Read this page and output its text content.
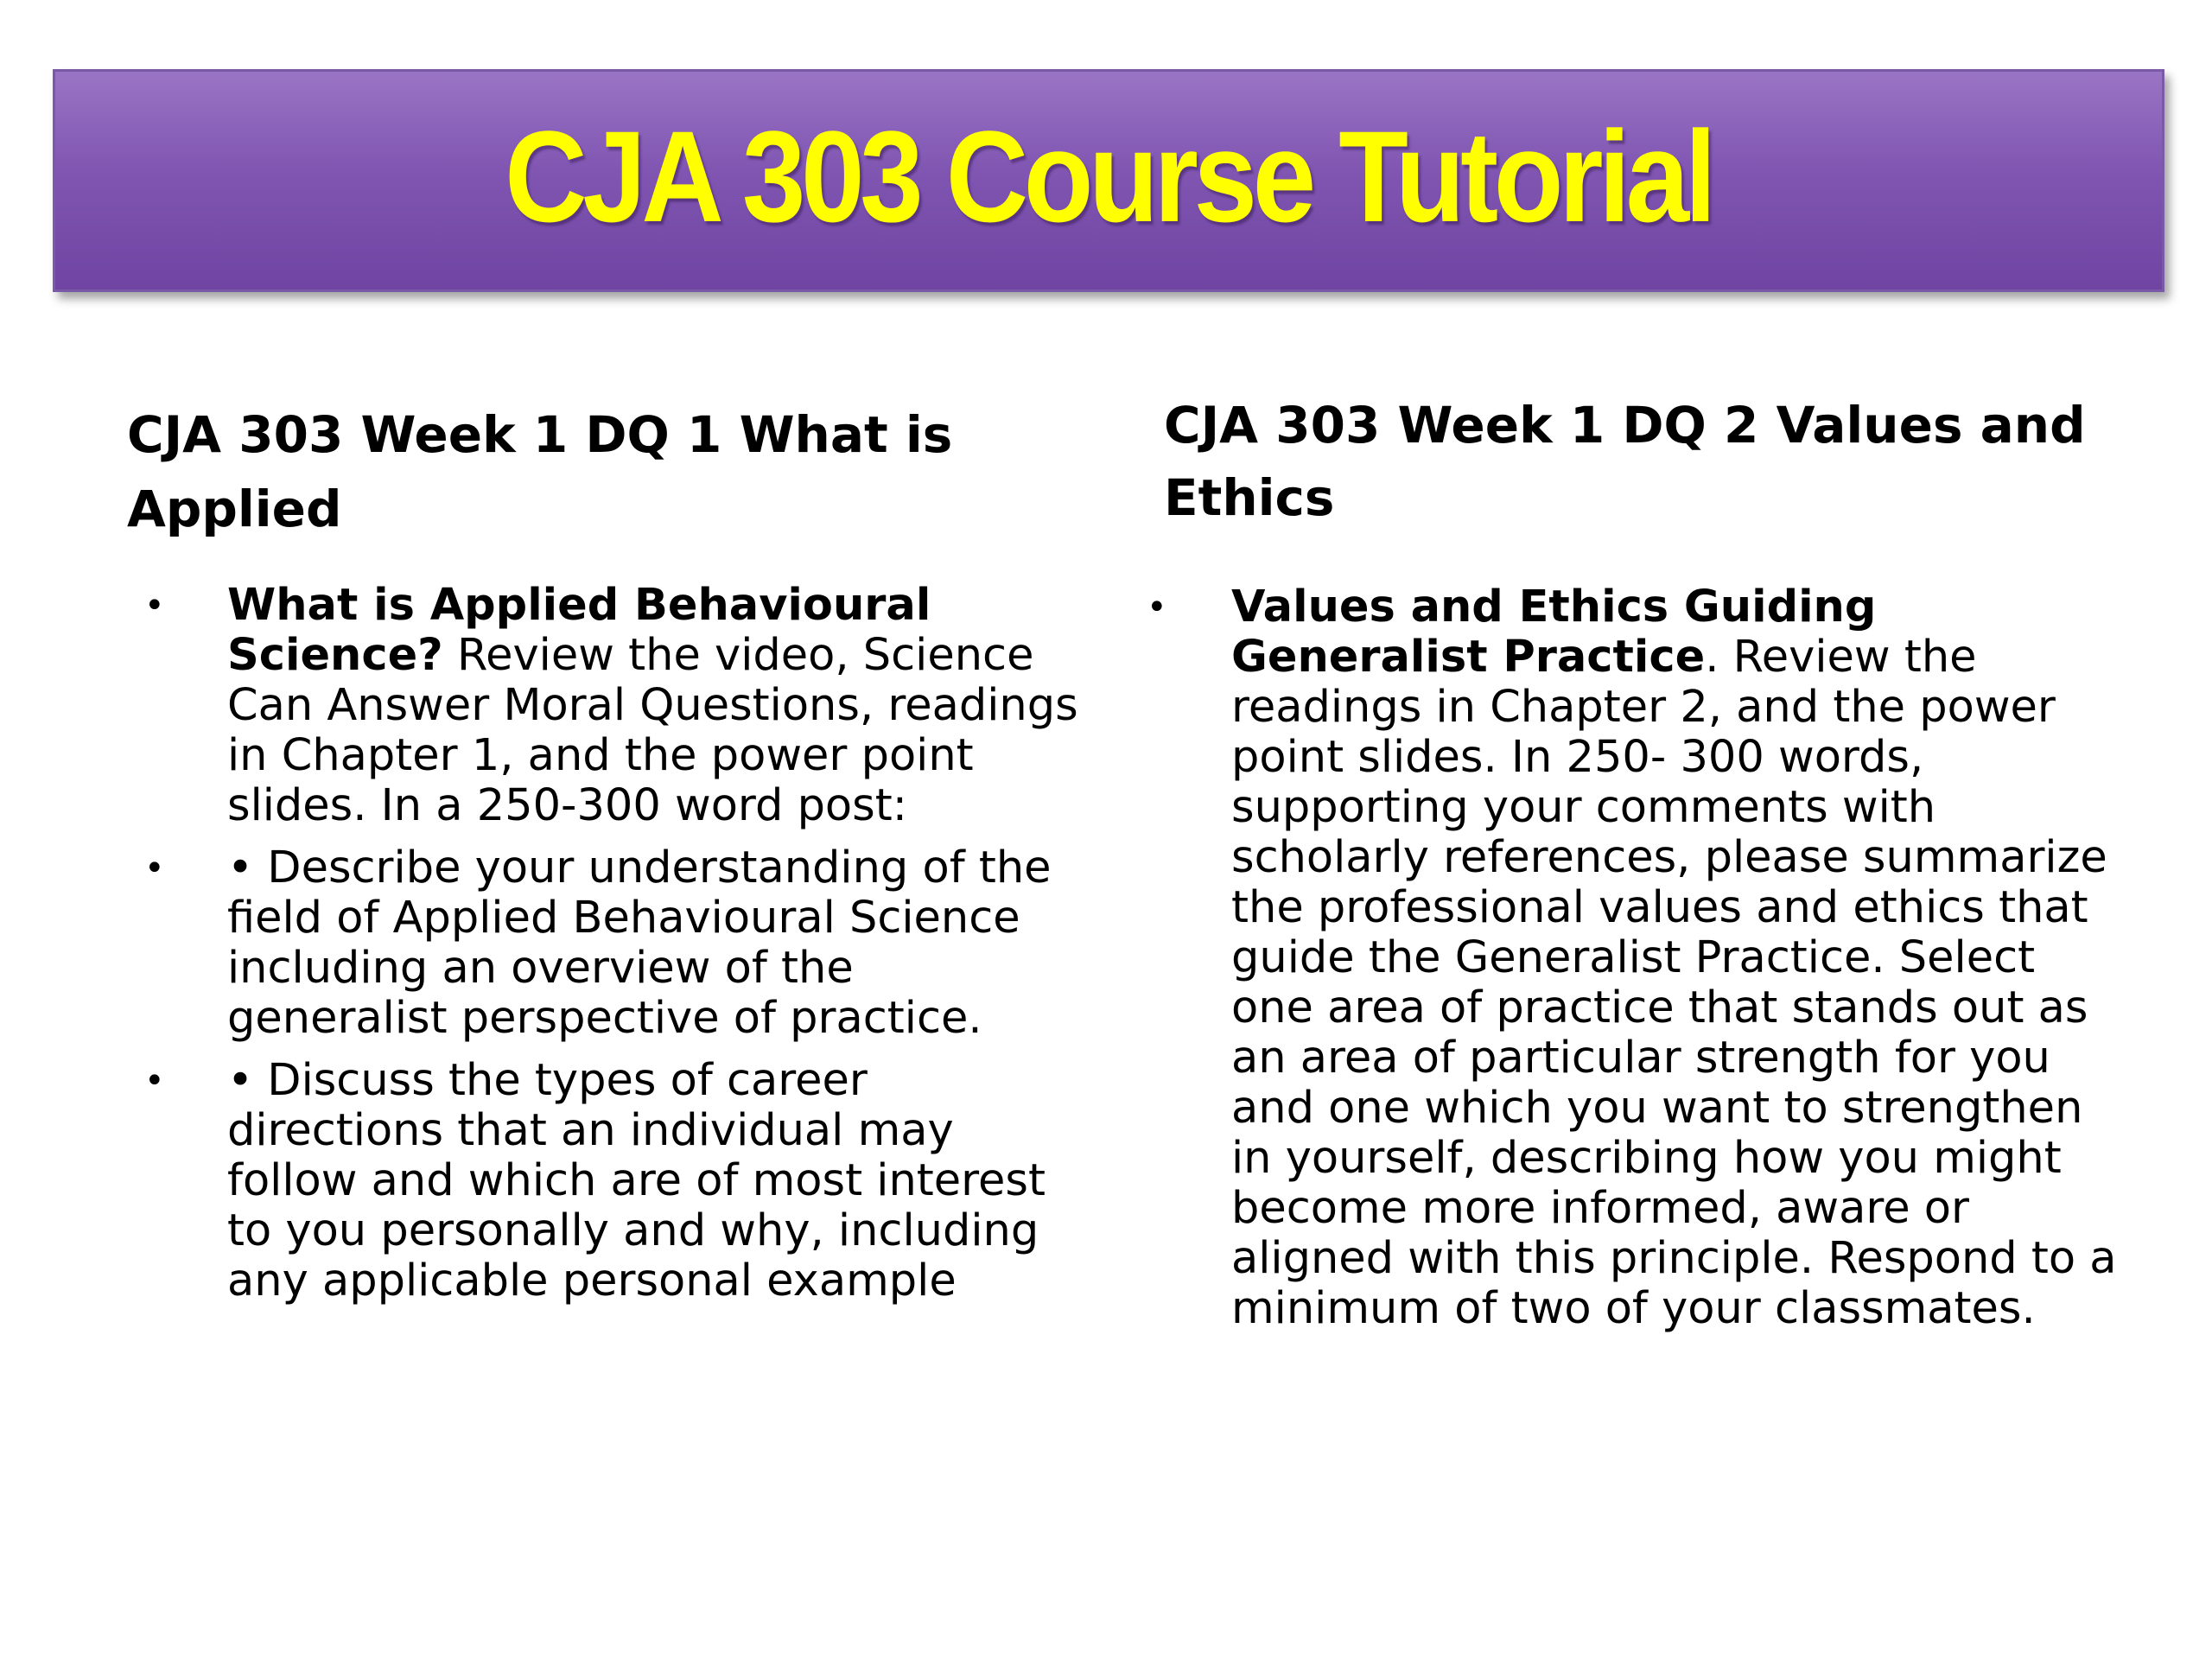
CJA 303 Course Tutorial
CJA 303 Week 1 DQ 1 What is Applied
• What is Applied Behavioural Science? Review the video, Science Can Answer Moral Questions, readings in Chapter 1, and the power point slides. In a 250-300 word post:
• • Describe your understanding of the field of Applied Behavioural Science including an overview of the generalist perspective of practice.
• • Discuss the types of career directions that an individual may follow and which are of most interest to you personally and why, including any applicable personal example
CJA 303 Week 1 DQ 2 Values and Ethics
• Values and Ethics Guiding Generalist Practice. Review the readings in Chapter 2, and the power point slides. In 250- 300 words, supporting your comments with scholarly references, please summarize the professional values and ethics that guide the Generalist Practice. Select one area of practice that stands out as an area of particular strength for you and one which you want to strengthen in yourself, describing how you might become more informed, aware or aligned with this principle. Respond to a minimum of two of your classmates.
